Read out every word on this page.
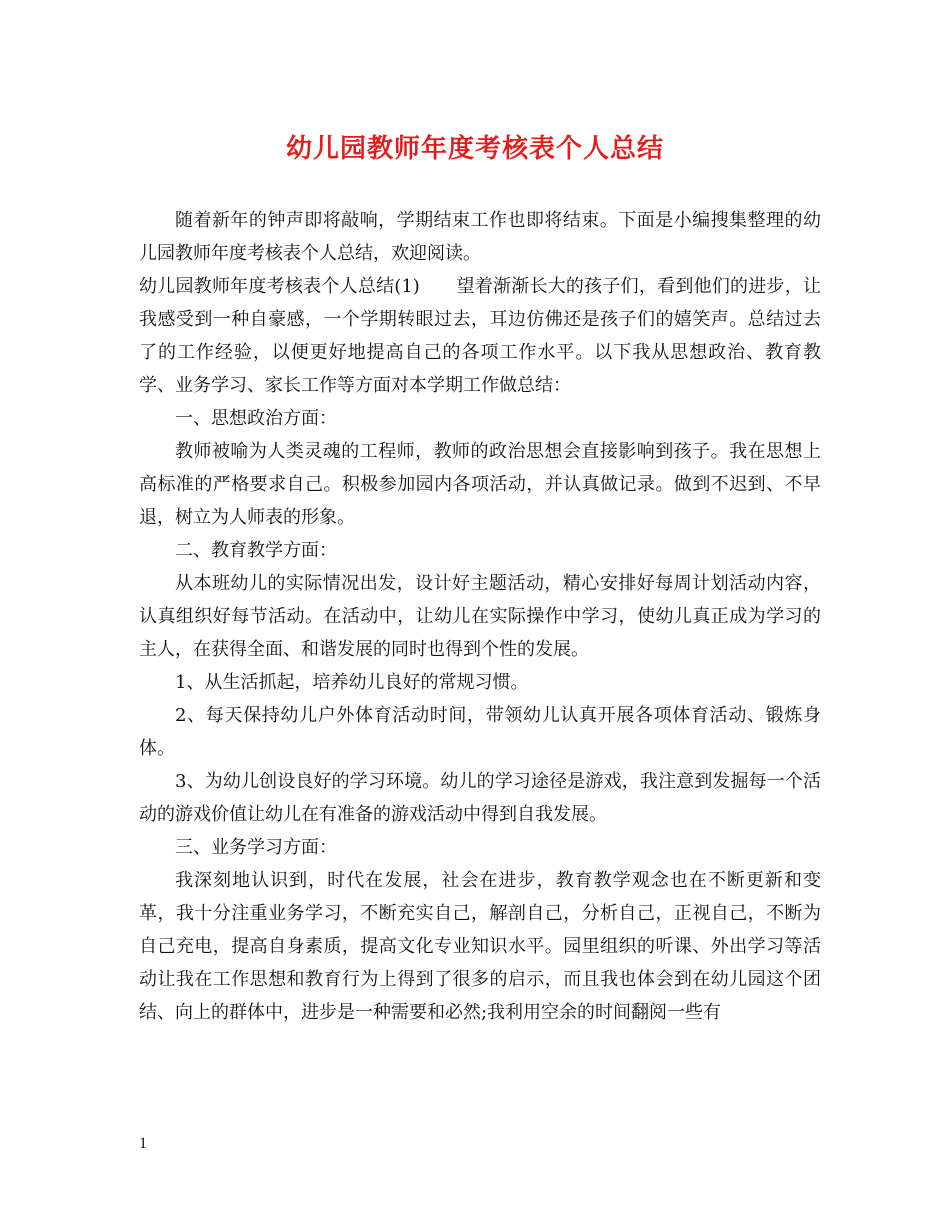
幼儿园教师年度考核表个人总结

随着新年的钟声即将敲响，学期结束工作也即将结束。下面是小编搜集整理的幼儿园教师年度考核表个人总结，欢迎阅读。

幼儿园教师年度考核表个人总结(1)　　望着渐渐长大的孩子们，看到他们的进步，让我感受到一种自豪感，一个学期转眼过去，耳边仿佛还是孩子们的嬉笑声。总结过去了的工作经验，以便更好地提高自己的各项工作水平。以下我从思想政治、教育教学、业务学习、家长工作等方面对本学期工作做总结：

一、思想政治方面：

教师被喻为人类灵魂的工程师，教师的政治思想会直接影响到孩子。我在思想上高标准的严格要求自己。积极参加园内各项活动，并认真做记录。做到不迟到、不早退，树立为人师表的形象。

二、教育教学方面：

从本班幼儿的实际情况出发，设计好主题活动，精心安排好每周计划活动内容，认真组织好每节活动。在活动中，让幼儿在实际操作中学习，使幼儿真正成为学习的主人，在获得全面、和谐发展的同时也得到个性的发展。

1、从生活抓起，培养幼儿良好的常规习惯。

2、每天保持幼儿户外体育活动时间，带领幼儿认真开展各项体育活动、锻炼身体。

3、为幼儿创设良好的学习环境。幼儿的学习途径是游戏，我注意到发掘每一个活动的游戏价值让幼儿在有准备的游戏活动中得到自我发展。

三、业务学习方面：

我深刻地认识到，时代在发展，社会在进步，教育教学观念也在不断更新和变革，我十分注重业务学习，不断充实自己，解剖自己，分析自己，正视自己，不断为自己充电，提高自身素质，提高文化专业知识水平。园里组织的听课、外出学习等活动让我在工作思想和教育行为上得到了很多的启示，而且我也体会到在幼儿园这个团结、向上的群体中，进步是一种需要和必然;我利用空余的时间翻阅一些有

1
